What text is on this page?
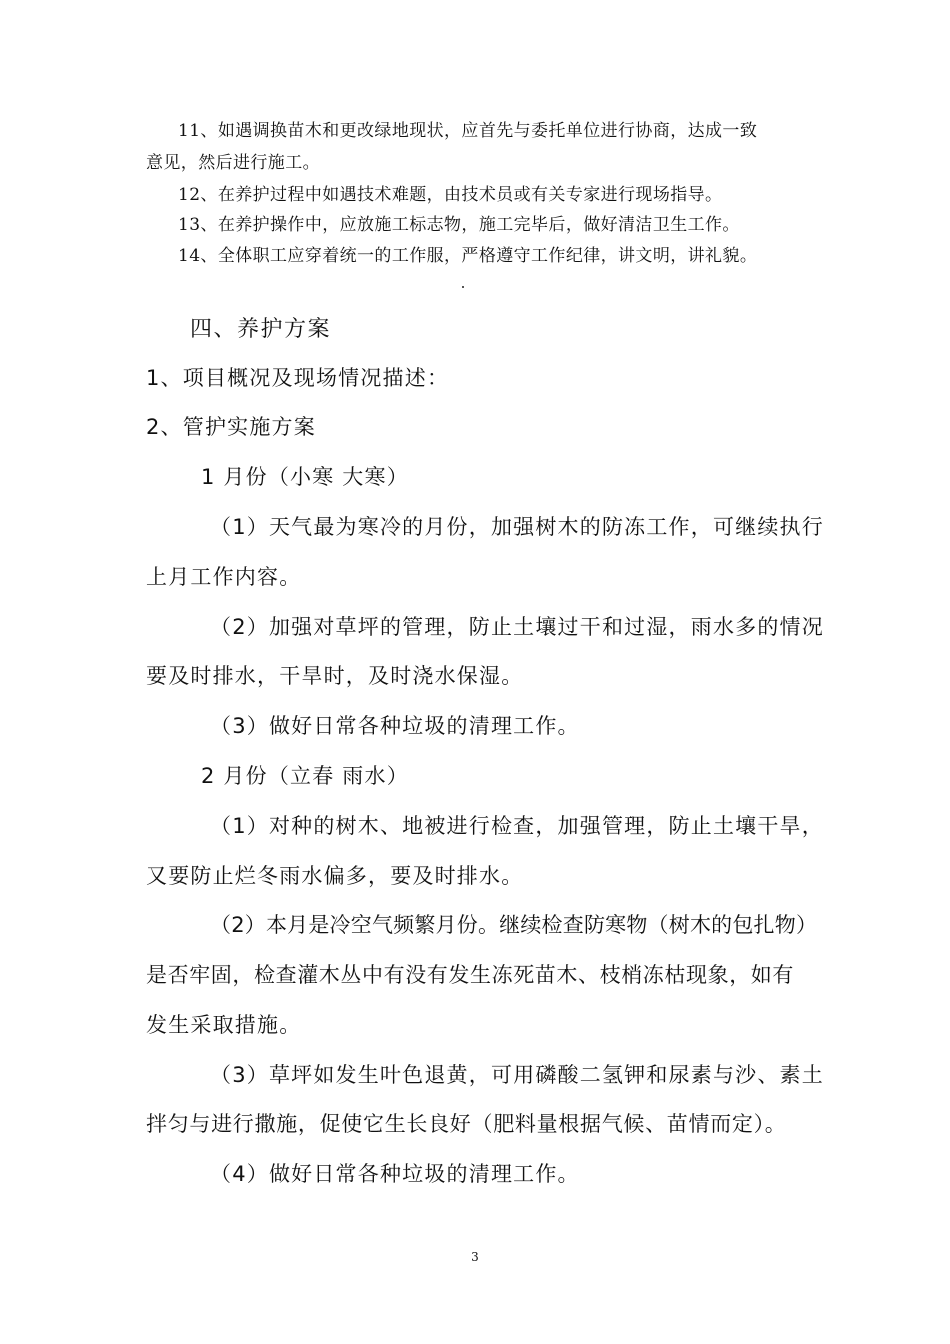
11、如遇调换苗木和更改绿地现状，应首先与委托单位进行协商，达成一致

意见，然后进行施工。

12、在养护过程中如遇技术难题，由技术员或有关专家进行现场指导。

13、在养护操作中，应放施工标志物，施工完毕后，做好清洁卫生工作。

14、全体职工应穿着统一的工作服，严格遵守工作纪律，讲文明，讲礼貌。

四、养护方案

1、项目概况及现场情况描述：

2、管护实施方案

1 月份（小寒 大寒）

（1）天气最为寒冷的月份，加强树木的防冻工作，可继续执行

上月工作内容。

（2）加强对草坪的管理，防止土壤过干和过湿，雨水多的情况

要及时排水，干旱时，及时浇水保湿。

（3）做好日常各种垃圾的清理工作。

2 月份（立春 雨水）

（1）对种的树木、地被进行检查，加强管理，防止土壤干旱，

又要防止烂冬雨水偏多，要及时排水。

（2）本月是冷空气频繁月份。继续检查防寒物（树木的包扎物）

是否牢固，检查灌木丛中有没有发生冻死苗木、枝梢冻枯现象，如有

发生采取措施。

（3）草坪如发生叶色退黄，可用磷酸二氢钾和尿素与沙、素土

拌匀与进行撒施，促使它生长良好（肥料量根据气候、苗情而定）。

（4）做好日常各种垃圾的清理工作。

3
